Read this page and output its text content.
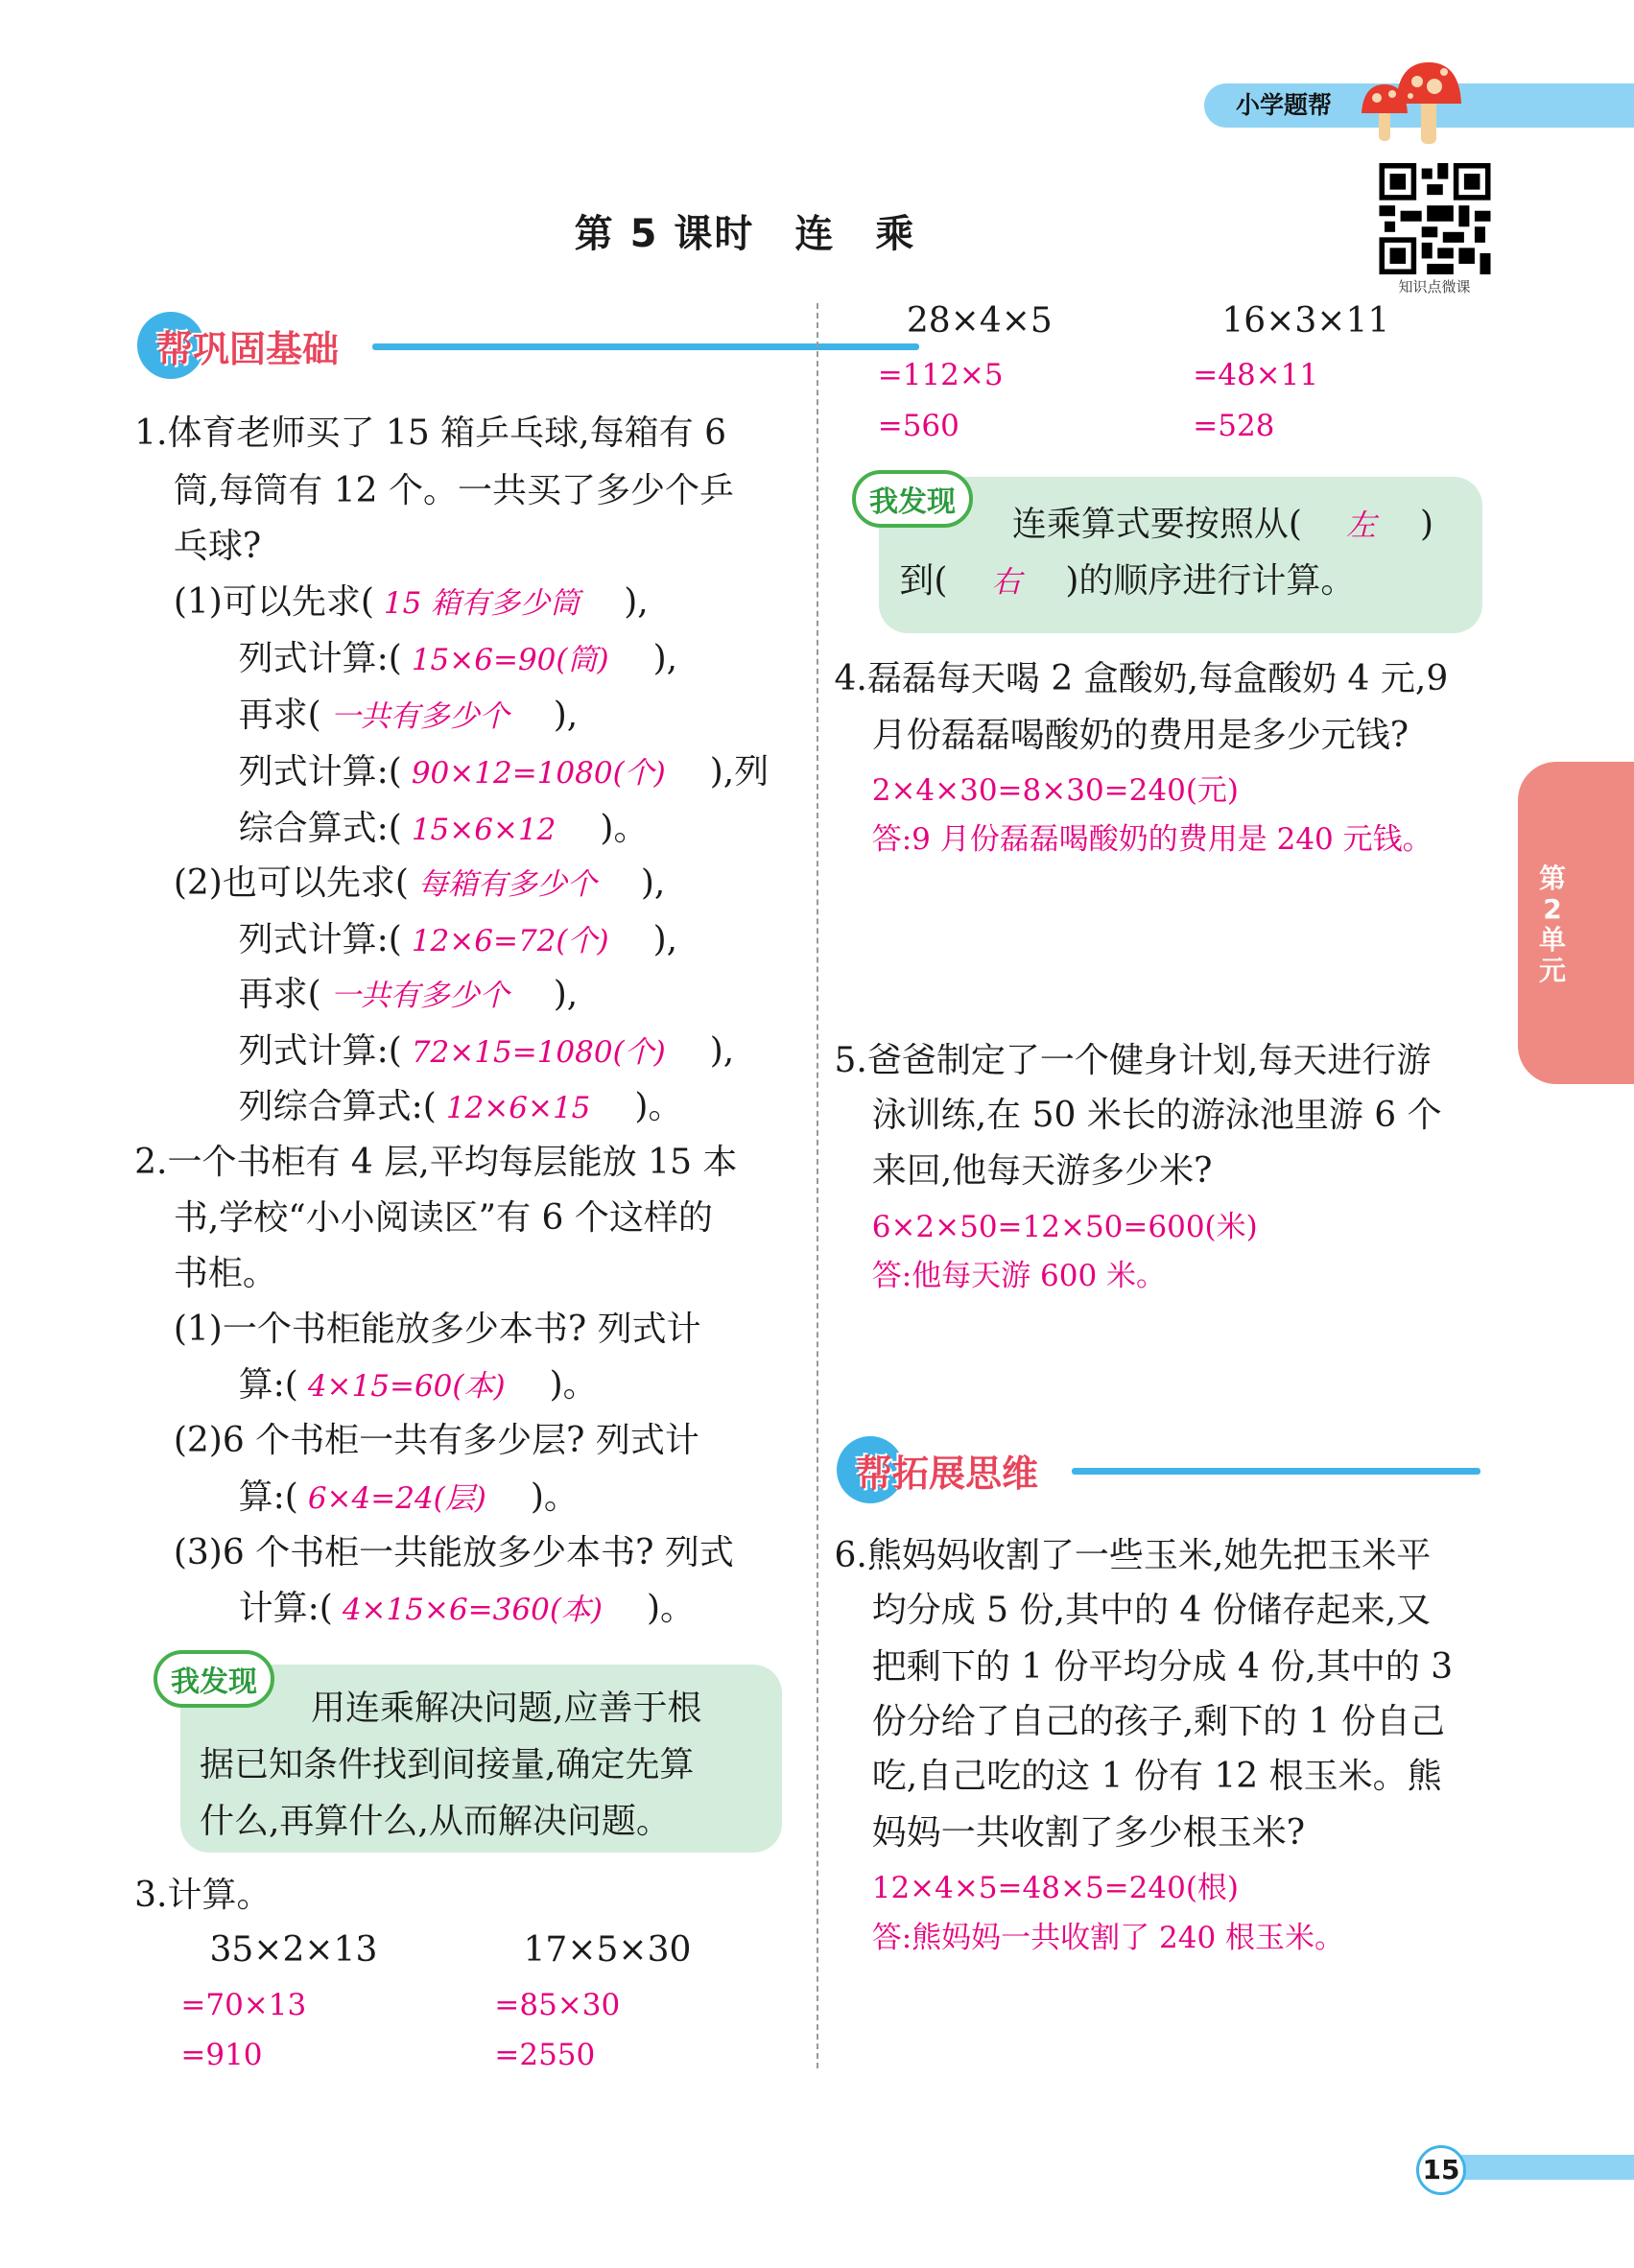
小学题帮
第 5 课时　连　乘
知识点微课
帮巩固基础
帮拓展思维
我发现
我发现
第2单元
15
1.体育老师买了 15 箱乒乓球,每箱有 6
筒,每筒有 12 个。一共买了多少个乒
乓球?
(1)可以先求( 15 箱有多少筒　),
列式计算:( 15×6=90(筒)　),
再求( 一共有多少个　),
列式计算:( 90×12=1080(个)　),列
综合算式:( 15×6×12　)。
(2)也可以先求( 每箱有多少个　),
列式计算:( 12×6=72(个)　),
再求( 一共有多少个　),
列式计算:( 72×15=1080(个)　),
列综合算式:( 12×6×15　)。
2.一个书柜有 4 层,平均每层能放 15 本
书,学校“小小阅读区”有 6 个这样的
书柜。
(1)一个书柜能放多少本书? 列式计
算:( 4×15=60(本)　)。
(2)6 个书柜一共有多少层? 列式计
算:( 6×4=24(层)　)。
(3)6 个书柜一共能放多少本书? 列式
计算:( 4×15×6=360(本)　)。
用连乘解决问题,应善于根
据已知条件找到间接量,确定先算
什么,再算什么,从而解决问题。
3.计算。
35×2×13	17×5×30
=70×13	=85×30
=910	=2550
28×4×5	16×3×11
=112×5	=48×11
=560	=528
连乘算式要按照从(　左　)
到(　右　)的顺序进行计算。
4.磊磊每天喝 2 盒酸奶,每盒酸奶 4 元,9
月份磊磊喝酸奶的费用是多少元钱?
2×4×30=8×30=240(元)
答:9 月份磊磊喝酸奶的费用是 240 元钱。
5.爸爸制定了一个健身计划,每天进行游
泳训练,在 50 米长的游泳池里游 6 个
来回,他每天游多少米?
6×2×50=12×50=600(米)
答:他每天游 600 米。
6.熊妈妈收割了一些玉米,她先把玉米平
均分成 5 份,其中的 4 份储存起来,又
把剩下的 1 份平均分成 4 份,其中的 3
份分给了自己的孩子,剩下的 1 份自己
吃,自己吃的这 1 份有 12 根玉米。熊
妈妈一共收割了多少根玉米?
12×4×5=48×5=240(根)
答:熊妈妈一共收割了 240 根玉米。
